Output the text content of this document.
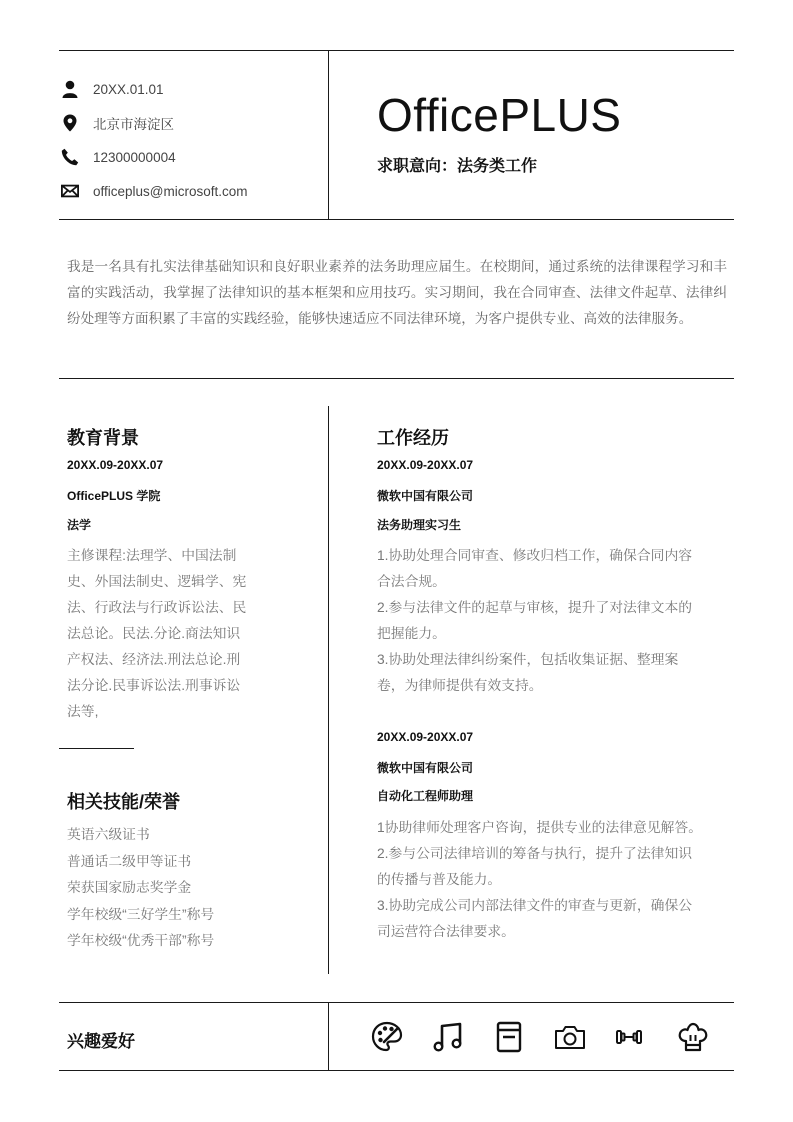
20XX.01.01
北京市海淀区
12300000004
officeplus@microsoft.com
OfficePLUS
求职意向：法务类工作
我是一名具有扎实法律基础知识和良好职业素养的法务助理应届生。在校期间，通过系统的法律课程学习和丰富的实践活动，我掌握了法律知识的基本框架和应用技巧。实习期间，我在合同审查、法律文件起草、法律纠纷处理等方面积累了丰富的实践经验，能够快速适应不同法律环境，为客户提供专业、高效的法律服务。
教育背景
20XX.09-20XX.07
OfficePLUS 学院
法学
主修课程:法理学、中国法制
史、外国法制史、逻辑学、宪
法、行政法与行政诉讼法、民
法总论。民法.分论.商法知识
产权法、经济法.刑法总论.刑
法分论.民事诉讼法.刑事诉讼
法等,
相关技能/荣誉
英语六级证书
普通话二级甲等证书
荣获国家励志奖学金
学年校级“三好学生”称号
学年校级“优秀干部”称号
工作经历
20XX.09-20XX.07
微软中国有限公司
法务助理实习生
1.协助处理合同审查、修改归档工作，确保合同内容
合法合规。
2.参与法律文件的起草与审核，提升了对法律文本的
把握能力。
3.协助处理法律纠纷案件，包括收集证据、整理案
卷，为律师提供有效支持。
20XX.09-20XX.07
微软中国有限公司
自动化工程师助理
1协助律师处理客户咨询，提供专业的法律意见解答。
2.参与公司法律培训的筹备与执行，提升了法律知识
的传播与普及能力。
3.协助完成公司内部法律文件的审查与更新，确保公
司运营符合法律要求。
兴趣爱好
